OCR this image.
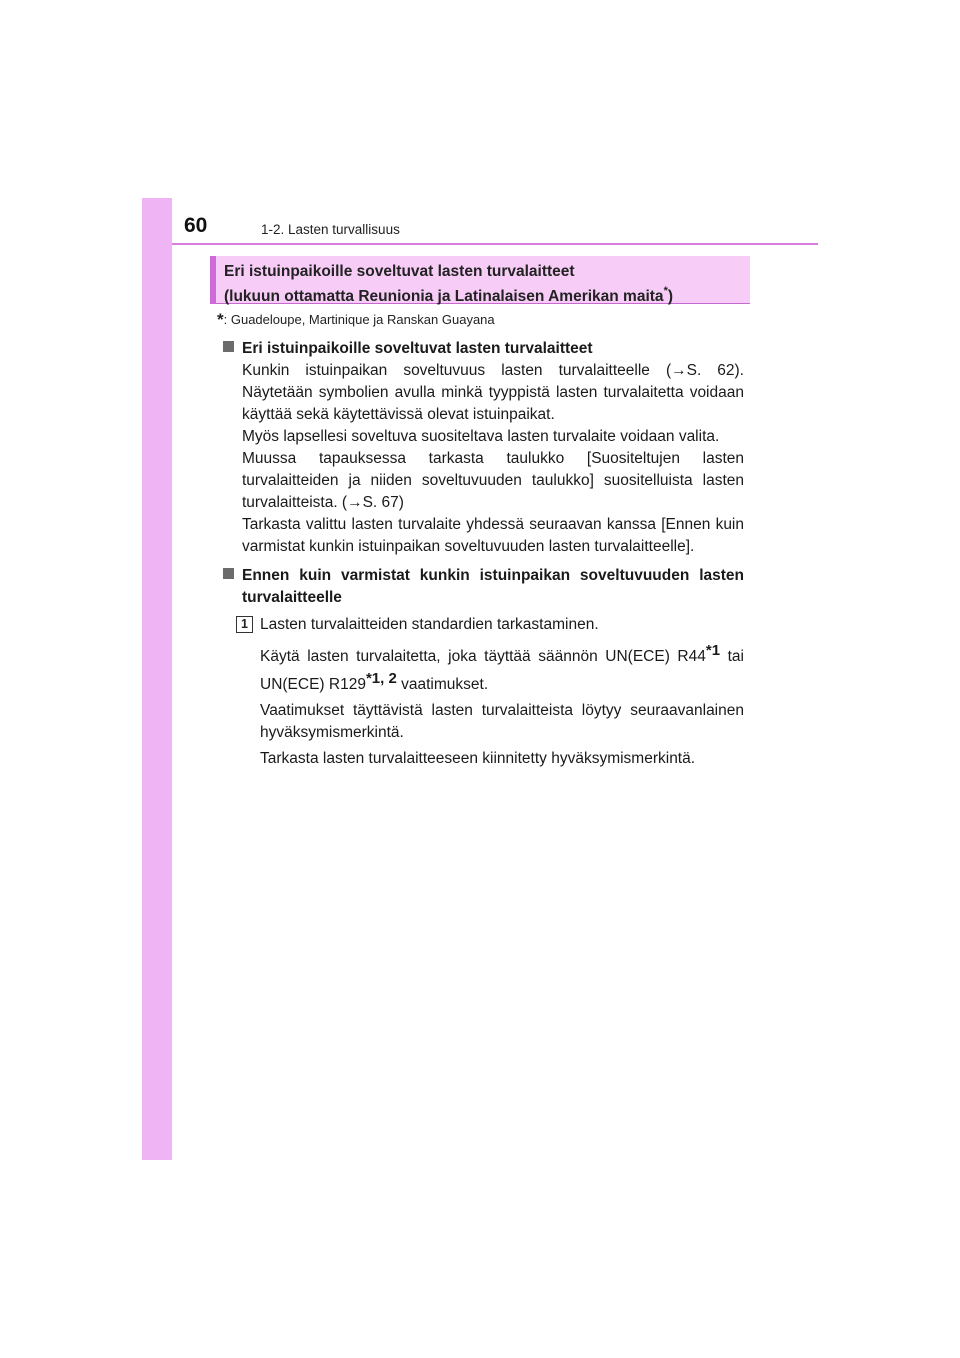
60	1-2. Lasten turvallisuus
Eri istuinpaikoille soveltuvat lasten turvalaitteet
(lukuun ottamatta Reunionia ja Latinalaisen Amerikan maita*)
*: Guadeloupe, Martinique ja Ranskan Guayana
Eri istuinpaikoille soveltuvat lasten turvalaitteet

Kunkin istuinpaikan soveltuvuus lasten turvalaitteelle (→S. 62). Näytetään symbolien avulla minkä tyyppistä lasten turvalaitetta voidaan käyttää sekä käytettävissä olevat istuinpaikat.

Myös lapsellesi soveltuva suositeltava lasten turvalaite voidaan valita.

Muussa tapauksessa tarkasta taulukko [Suositeltujen lasten turvalaitteiden ja niiden soveltuvuuden taulukko] suositelluista lasten turvalaitteista. (→S. 67)

Tarkasta valittu lasten turvalaite yhdessä seuraavan kanssa [Ennen kuin varmistat kunkin istuinpaikan soveltuvuuden lasten turvalaitteelle].

Ennen kuin varmistat kunkin istuinpaikan soveltuvuuden lasten turvalaitteelle
1 Lasten turvalaitteiden standardien tarkastaminen.

Käytä lasten turvalaitetta, joka täyttää säännön UN(ECE) R44$^{*1}$ tai UN(ECE) R129$^{*1, 2}$ vaatimukset.

Vaatimukset täyttävistä lasten turvalaitteista löytyy seuraavanlainen hyväksymismerkintä.

Tarkasta lasten turvalaitteeseen kiinnitetty hyväksymismerkintä.
